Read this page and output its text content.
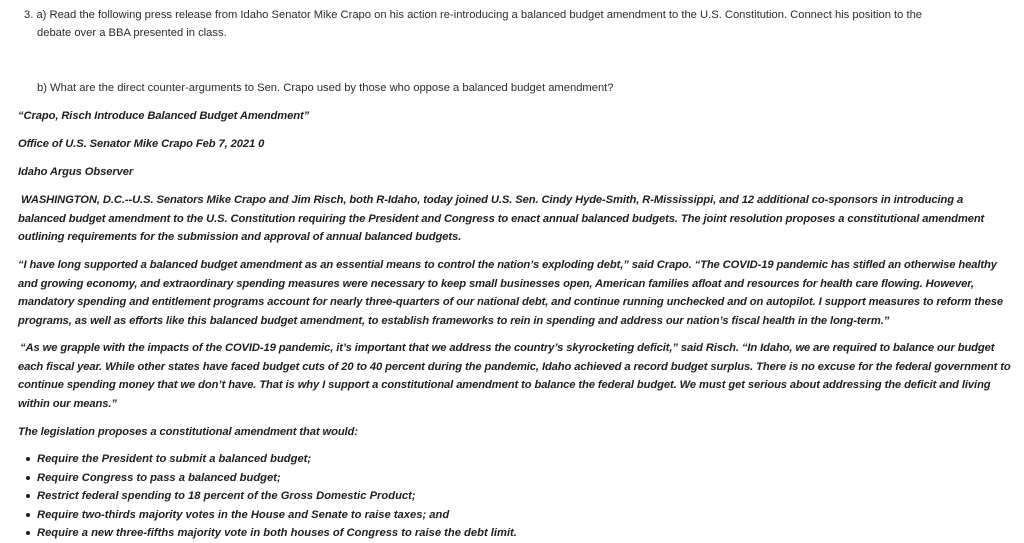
3. a) Read the following press release from Idaho Senator Mike Crapo on his action re-introducing a balanced budget amendment to the U.S. Constitution. Connect his position to the
debate over a BBA presented in class.
b) What are the direct counter-arguments to Sen. Crapo used by those who oppose a balanced budget amendment?
“Crapo, Risch Introduce Balanced Budget Amendment”
Office of U.S. Senator Mike Crapo Feb 7, 2021 0
Idaho Argus Observer
WASHINGTON, D.C.--U.S. Senators Mike Crapo and Jim Risch, both R-Idaho, today joined U.S. Sen. Cindy Hyde-Smith, R-Mississippi, and 12 additional co-sponsors in introducing a balanced budget amendment to the U.S. Constitution requiring the President and Congress to enact annual balanced budgets. The joint resolution proposes a constitutional amendment outlining requirements for the submission and approval of annual balanced budgets.
“I have long supported a balanced budget amendment as an essential means to control the nation’s exploding debt,” said Crapo. “The COVID-19 pandemic has stifled an otherwise healthy and growing economy, and extraordinary spending measures were necessary to keep small businesses open, American families afloat and resources for health care flowing. However, mandatory spending and entitlement programs account for nearly three-quarters of our national debt, and continue running unchecked and on autopilot. I support measures to reform these programs, as well as efforts like this balanced budget amendment, to establish frameworks to rein in spending and address our nation’s fiscal health in the long-term.”
“As we grapple with the impacts of the COVID-19 pandemic, it’s important that we address the country’s skyrocketing deficit,” said Risch. “In Idaho, we are required to balance our budget each fiscal year. While other states have faced budget cuts of 20 to 40 percent during the pandemic, Idaho achieved a record budget surplus. There is no excuse for the federal government to continue spending money that we don’t have. That is why I support a constitutional amendment to balance the federal budget. We must get serious about addressing the deficit and living within our means.”
The legislation proposes a constitutional amendment that would:
Require the President to submit a balanced budget;
Require Congress to pass a balanced budget;
Restrict federal spending to 18 percent of the Gross Domestic Product;
Require two-thirds majority votes in the House and Senate to raise taxes; and
Require a new three-fifths majority vote in both houses of Congress to raise the debt limit.
